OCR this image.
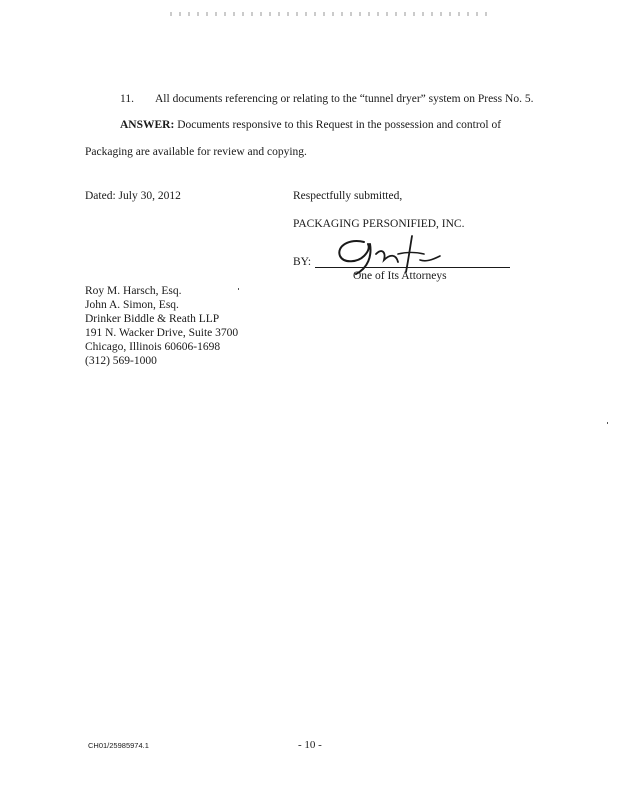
11. All documents referencing or relating to the “tunnel dryer” system on Press No. 5.
ANSWER: Documents responsive to this Request in the possession and control of
Packaging are available for review and copying.
Dated: July 30, 2012	Respectfully submitted,
PACKAGING PERSONIFIED, INC.
BY:
One of Its Attorneys
Roy M. Harsch, Esq.
John A. Simon, Esq.
Drinker Biddle & Reath LLP
191 N. Wacker Drive, Suite 3700
Chicago, Illinois 60606-1698
(312) 569-1000
CH01/25985974.1	- 10 -
